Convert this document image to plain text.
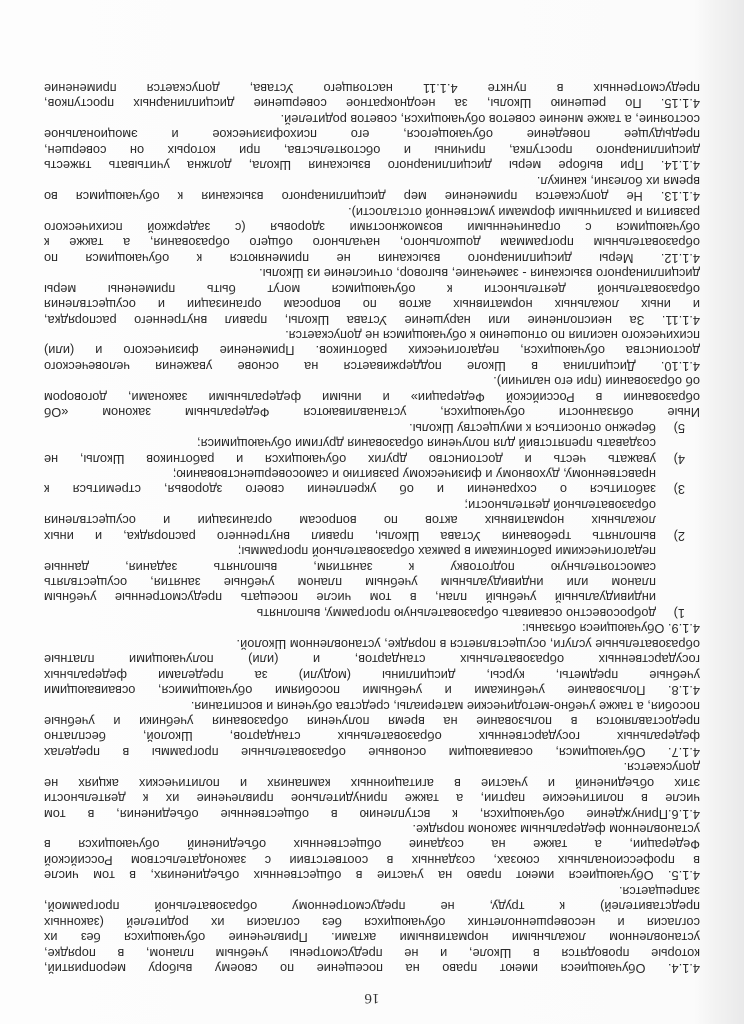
16
4.1.4. Обучающиеся имеют право на посещение по своему выбору мероприятий,
которые проводятся в Школе, и не предусмотрены учебным планом, в порядке,
установленном локальными нормативными актами. Привлечение обучающихся без их
согласия и несовершеннолетних обучающихся без согласия их родителей (законных
представителей) к труду, не предусмотренному образовательной программой,
запрещается.
4.1.5. Обучающиеся имеют право на участие в общественных объединениях, в том числе
в профессиональных союзах, созданных в соответствии с законодательством Российской
Федерации, а также на создание общественных объединений обучающихся в
установленном федеральным законом порядке.
4.1.6.Принуждение обучающихся, к вступлению в общественные объединения, в том
числе в политические партии, а также принудительное привлечение их к деятельности
этих объединений и участие в агитационных кампаниях и политических акциях не
допускается.
4.1.7. Обучающимся, осваивающим основные образовательные программы в пределах
федеральных государственных образовательных стандартов, Школой, бесплатно
предоставляются в пользование на время получения образования учебники и учебные
пособия, а также учебно-методические материалы, средства обучения и воспитания.
4.1.8. Пользование учебниками и учебными пособиями обучающимися, осваивающими
учебные предметы, курсы, дисциплины (модули) за пределами федеральных
государственных образовательных стандартов, и (или) получающими платные
образовательные услуги, осуществляется в порядке, установленном Школой.
4.1.9. Обучающиеся обязаны:
1)добросовестно осваивать образовательную программу, выполнять
индивидуальный учебный план, в том числе посещать предусмотренные учебным
планом или индивидуальным учебным планом учебные занятия, осуществлять
самостоятельную подготовку к занятиям, выполнять задания, данные
педагогическими работниками в рамках образовательной программы;
2)выполнять требования Устава Школы, правил внутреннего распорядка, и иных
локальных нормативных актов по вопросам организации и осуществления
образовательной деятельности;
3)заботиться о сохранении и об укреплении своего здоровья, стремиться к
нравственному, духовному и физическому развитию и самосовершенствованию;
4)уважать честь и достоинство других обучающихся и работников Школы, не
создавать препятствий для получения образования другими обучающимися;
5)бережно относиться к имуществу Школы.
Иные обязанности обучающихся, устанавливаются Федеральным законом «Об
образовании в Российской Федерации» и иными федеральными законами, договором
об образовании (при его наличии).
4.1.10. Дисциплина в Школе поддерживается на основе уважения человеческого
достоинства обучающихся, педагогических работников. Применение физического и (или)
психического насилия по отношению к обучающимся не допускается.
4.1.11. За неисполнение или нарушение Устава Школы, правил внутреннего распорядка,
и иных локальных нормативных актов по вопросам организации и осуществления
образовательной деятельности к обучающимся могут быть применены меры
дисциплинарного взыскания - замечание, выговор, отчисление из Школы.
4.1.12. Меры дисциплинарного взыскания не применяются к обучающимся по
образовательным программам дошкольного, начального общего образования, а также к
обучающимся с ограниченными возможностями здоровья (с задержкой психического
развития и различными формами умственной отсталости).
4.1.13. Не допускается применение мер дисциплинарного взыскания к обучающимся во
время их болезни, каникул.
4.1.14. При выборе меры дисциплинарного взыскания Школа, должна учитывать тяжесть
дисциплинарного проступка, причины и обстоятельства, при которых он совершен,
предыдущее поведение обучающегося, его психофизическое и эмоциональное
состояние, а также мнение советов обучающихся, советов родителей.
4.1.15. По решению Школы, за неоднократное совершение дисциплинарных проступков,
предусмотренных в пункте 4.1.11 настоящего Устава, допускается применение
